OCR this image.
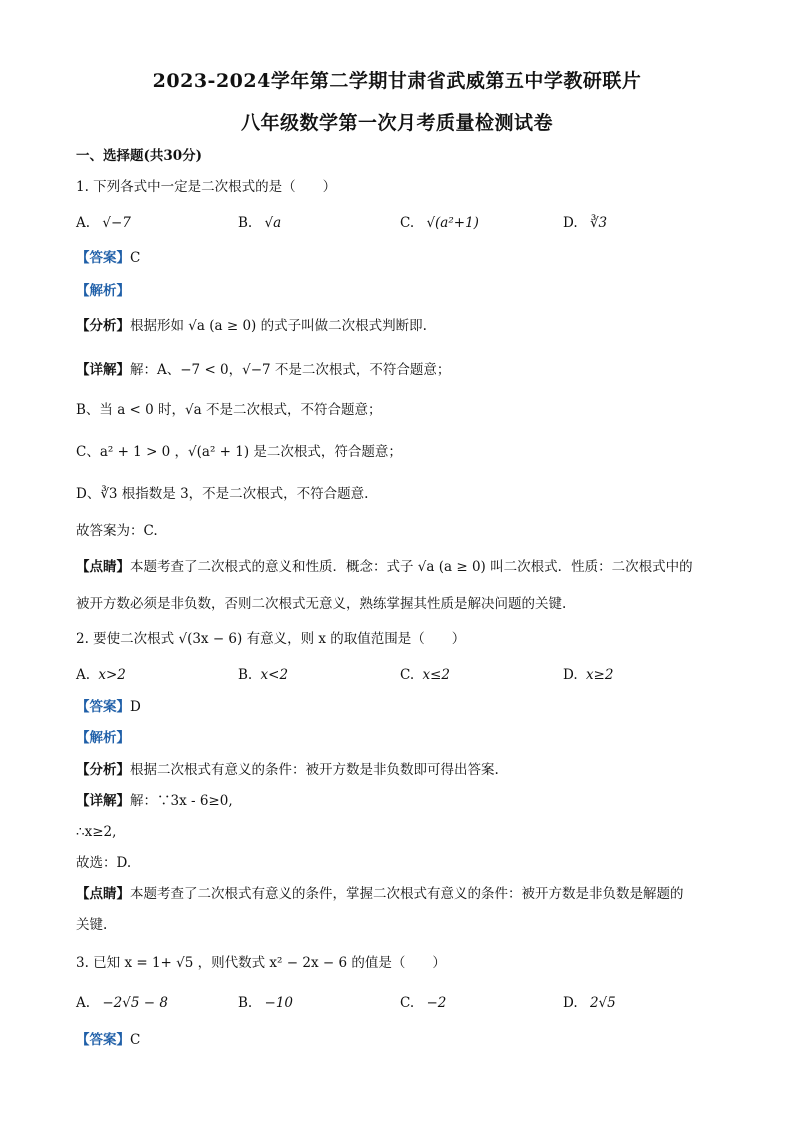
2023-2024学年第二学期甘肃省武威第五中学教研联片
八年级数学第一次月考质量检测试卷
一、选择题(共30分)
1. 下列各式中一定是二次根式的是（　　）
A. √−7	B. √a	C. √(a²+1)	D. ∛3
【答案】C
【解析】
【分析】根据形如 √a (a ≥ 0) 的式子叫做二次根式判断即.
【详解】解：A、−7 < 0，√−7 不是二次根式，不符合题意；
B、当 a < 0 时，√a 不是二次根式，不符合题意；
C、a² + 1 > 0 ，√(a² + 1) 是二次根式，符合题意；
D、∛3 根指数是 3，不是二次根式，不符合题意.
故答案为：C.
【点睛】本题考查了二次根式的意义和性质．概念：式子 √a (a ≥ 0) 叫二次根式．性质：二次根式中的
被开方数必须是非负数，否则二次根式无意义，熟练掌握其性质是解决问题的关键.
2. 要使二次根式 √(3x − 6) 有意义，则 x 的取值范围是（　　）
A. x>2	B. x<2	C. x≤2	D. x≥2
【答案】D
【解析】
【分析】根据二次根式有意义的条件：被开方数是非负数即可得出答案.
【详解】解：∵3x - 6≥0,
∴x≥2,
故选：D.
【点睛】本题考查了二次根式有意义的条件，掌握二次根式有意义的条件：被开方数是非负数是解题的
关键.
3. 已知 x = 1+ √5 ，则代数式 x² − 2x − 6 的值是（　　）
A. −2√5 − 8	B. −10	C. −2	D. 2√5
【答案】C
